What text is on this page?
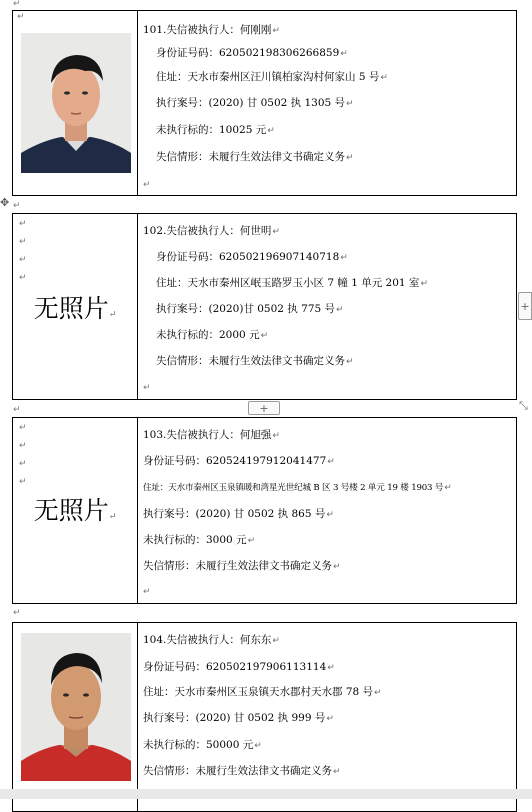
↵
↵
↵
↵
✥
↵
101.失信被执行人：何刚刚↵
身份证号码：620502198306266859↵
住址：天水市秦州区汪川镇柏家沟村何家山 5 号↵
执行案号：(2020) 甘 0502 执 1305 号↵
未执行标的：10025 元↵
失信情形：未履行生效法律文书确定义务↵
↵
↵
↵
↵
↵
无照片↵
102.失信被执行人：何世明↵
身份证号码：620502196907140718↵
住址：天水市秦州区岷玉路罗玉小区 7 幢 1 单元 201 室↵
执行案号：(2020)甘 0502 执 775 号↵
未执行标的：2000 元↵
失信情形：未履行生效法律文书确定义务↵
↵
+
+	⤡
↵
↵
↵
↵
无照片↵
103.失信被执行人：何旭强↵
身份证号码：620524197912041477↵
住址：天水市秦州区玉泉镇暖和湾星光世纪城 B 区 3 号楼 2 单元 19 楼 1903 号↵
执行案号：(2020) 甘 0502 执 865 号↵
未执行标的：3000 元↵
失信情形：未履行生效法律文书确定义务↵
↵
104.失信被执行人：何东东↵
身份证号码：620502197906113114↵
住址：天水市秦州区玉泉镇天水郡村天水郡 78 号↵
执行案号：(2020) 甘 0502 执 999 号↵
未执行标的：50000 元↵
失信情形：未履行生效法律文书确定义务↵
